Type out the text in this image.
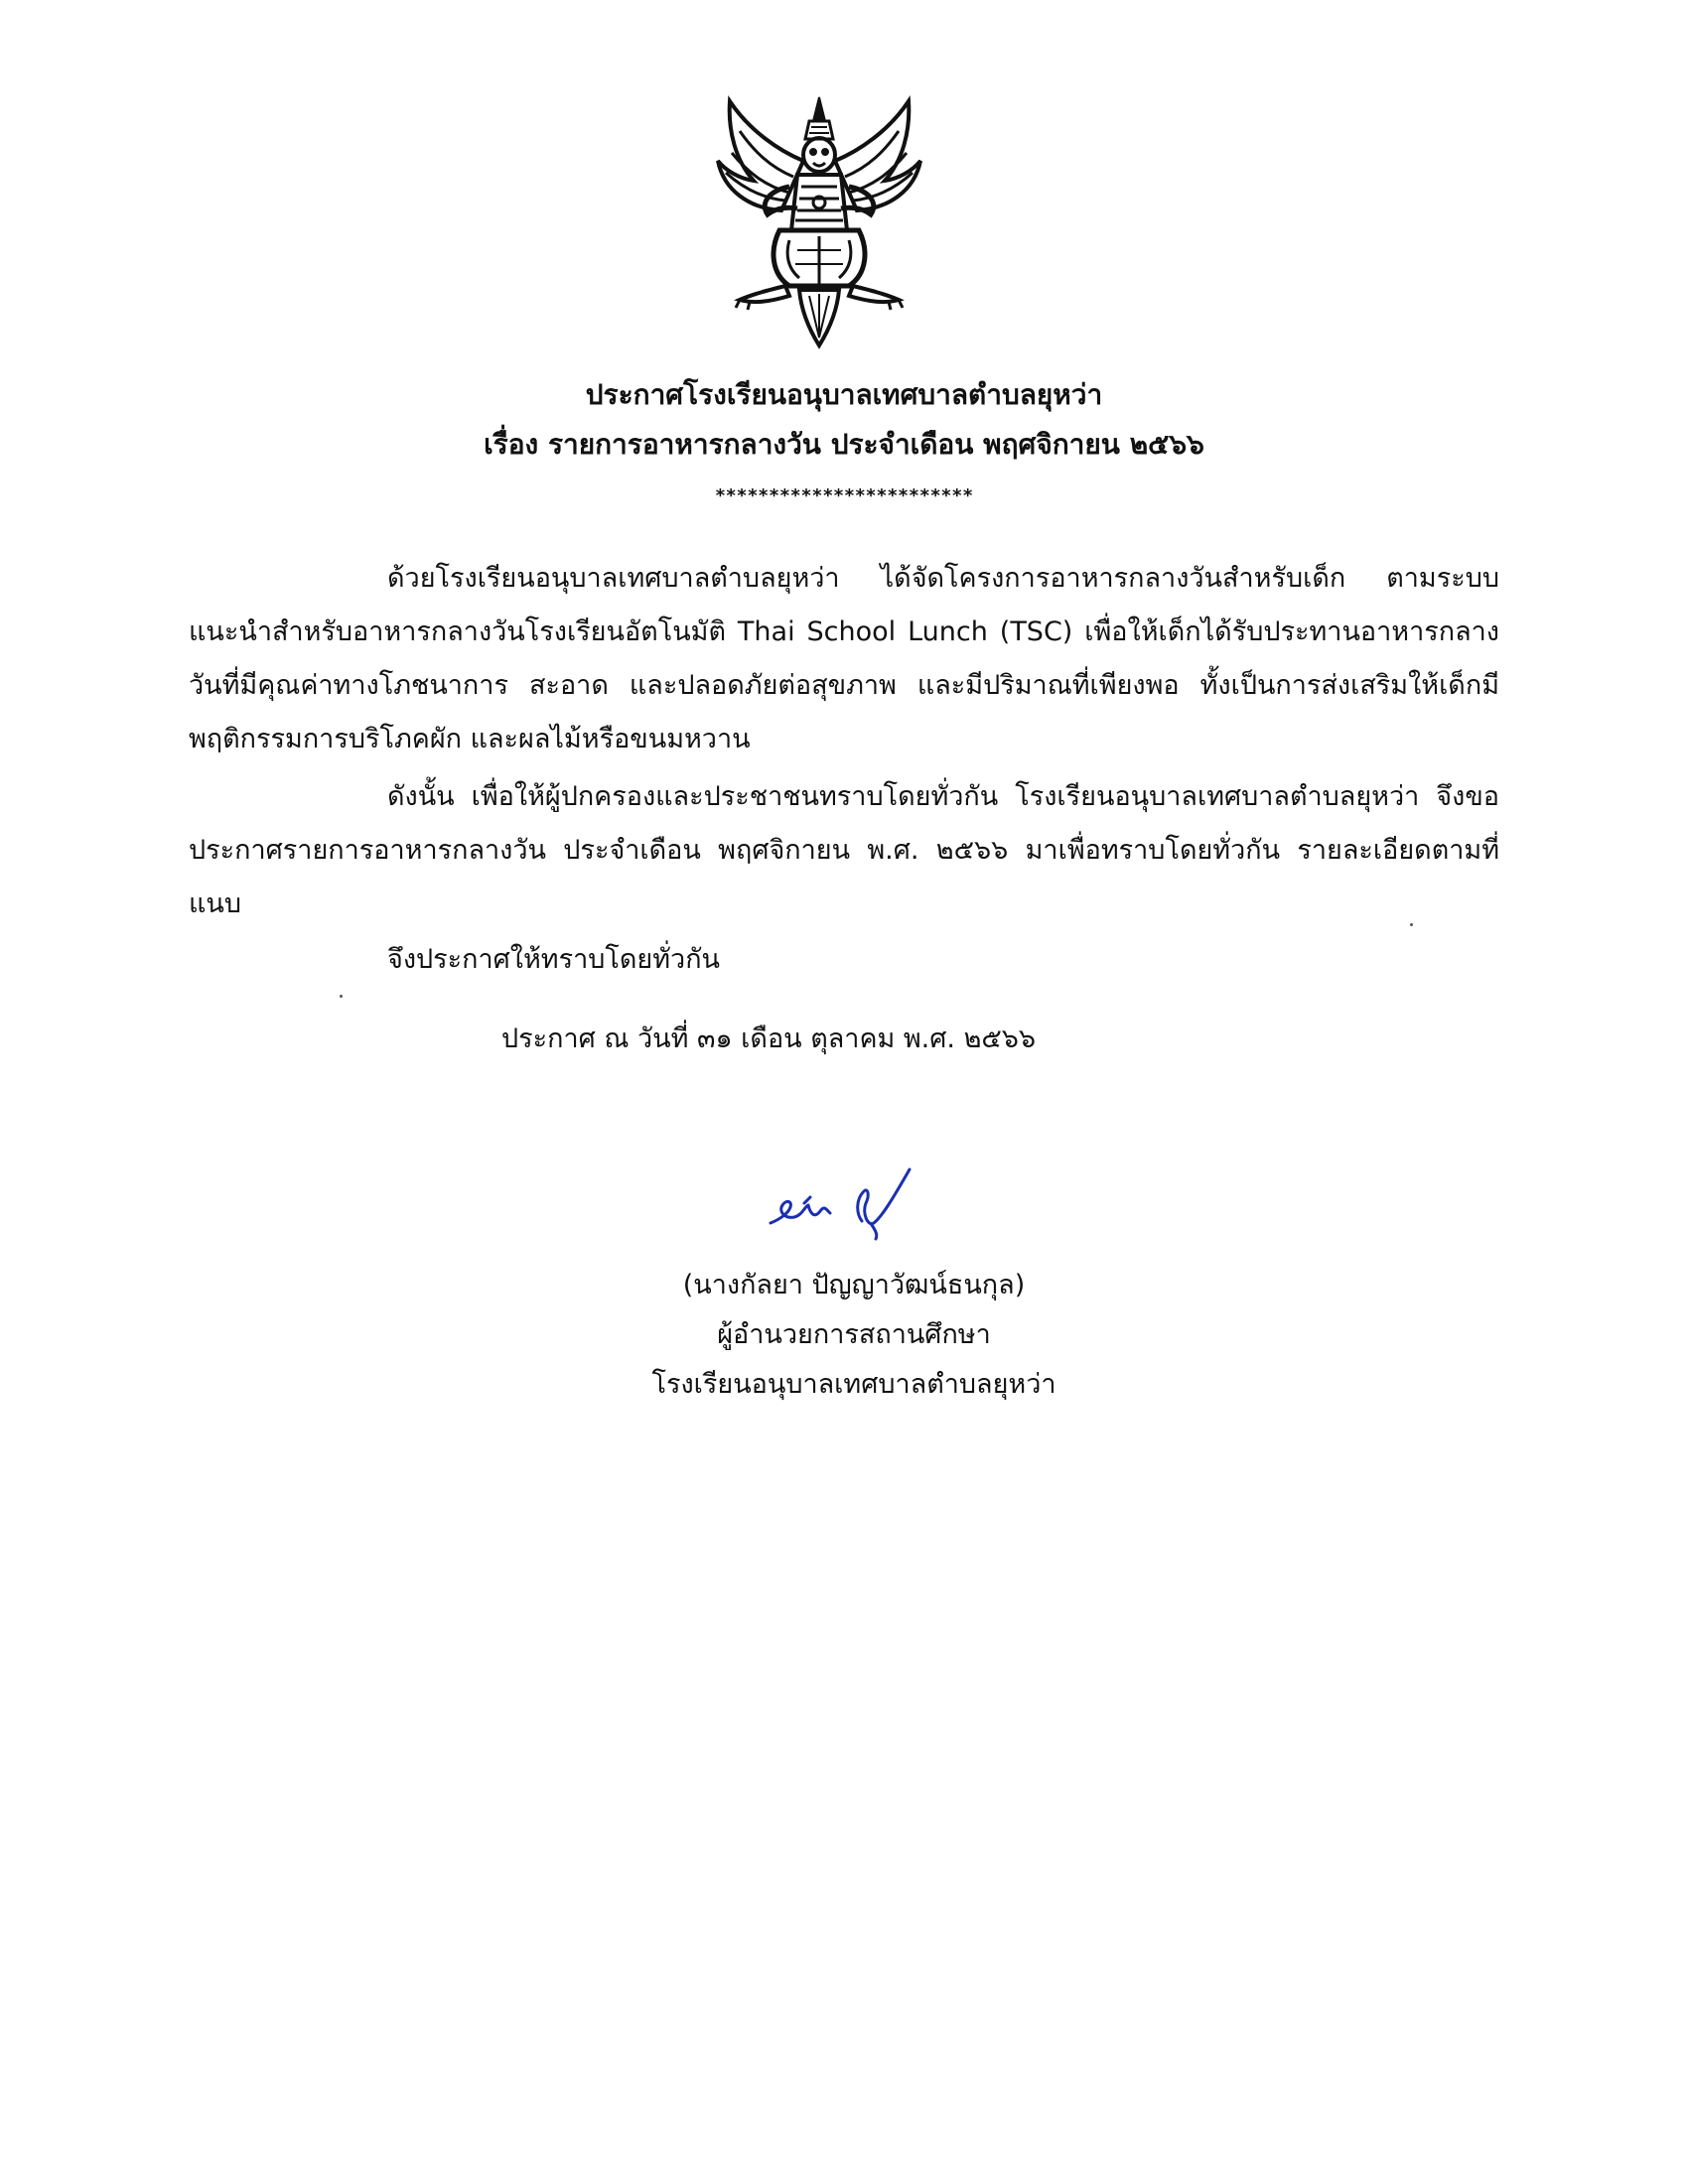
ประกาศโรงเรียนอนุบาลเทศบาลตำบลยุหว่า
เรื่อง รายการอาหารกลางวัน ประจำเดือน พฤศจิกายน ๒๕๖๖
************************

ด้วยโรงเรียนอนุบาลเทศบาลตำบลยุหว่า ได้จัดโครงการอาหารกลางวันสำหรับเด็ก ตามระบบแนะนำสำหรับอาหารกลางวันโรงเรียนอัตโนมัติ Thai School Lunch (TSC) เพื่อให้เด็กได้รับประทานอาหารกลางวันที่มีคุณค่าทางโภชนาการ สะอาด และปลอดภัยต่อสุขภาพ และมีปริมาณที่เพียงพอ ทั้งเป็นการส่งเสริมให้เด็กมีพฤติกรรมการบริโภคผัก และผลไม้หรือขนมหวาน

ดังนั้น เพื่อให้ผู้ปกครองและประชาชนทราบโดยทั่วกัน โรงเรียนอนุบาลเทศบาลตำบลยุหว่า จึงขอประกาศรายการอาหารกลางวัน ประจำเดือน พฤศจิกายน พ.ศ. ๒๕๖๖ มาเพื่อทราบโดยทั่วกัน รายละเอียดตามที่แนบ

จึงประกาศให้ทราบโดยทั่วกัน
ประกาศ ณ วันที่ ๓๑ เดือน ตุลาคม พ.ศ. ๒๕๖๖
(นางกัลยา ปัญญาวัฒน์ธนกุล)
ผู้อำนวยการสถานศึกษา
โรงเรียนอนุบาลเทศบาลตำบลยุหว่า
